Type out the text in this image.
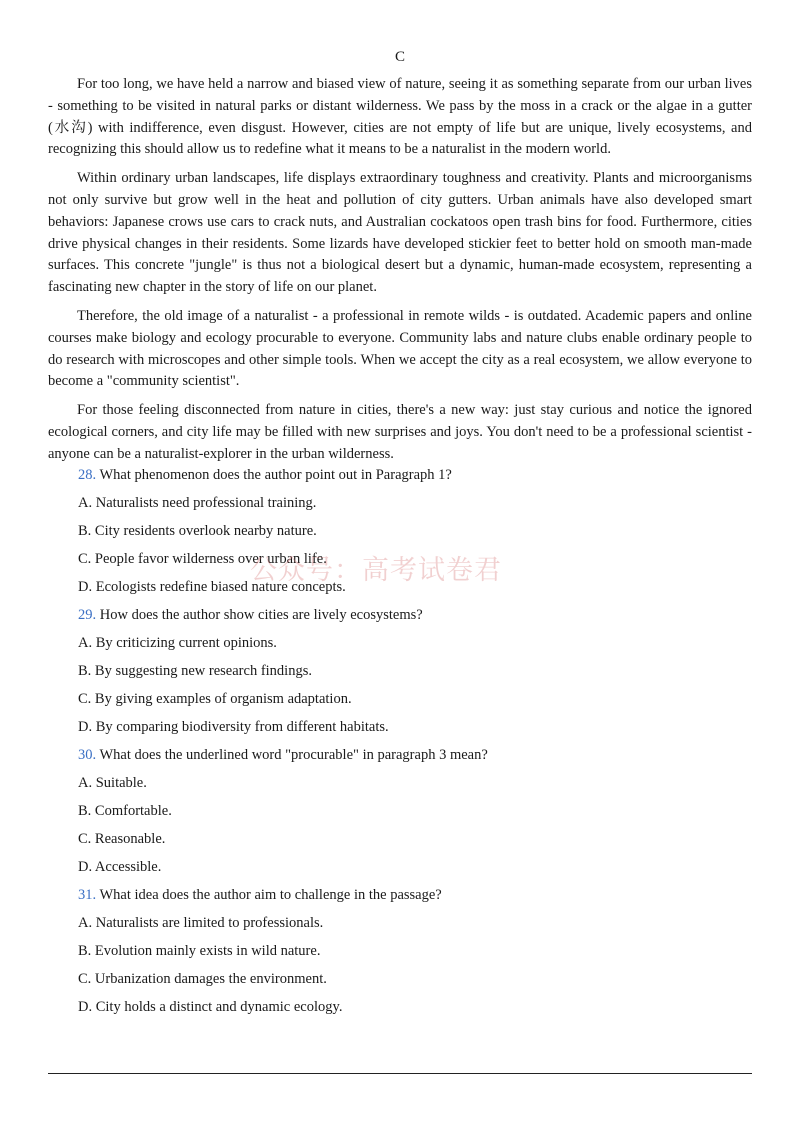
C

For too long, we have held a narrow and biased view of nature, seeing it as something separate from our urban lives - something to be visited in natural parks or distant wilderness. We pass by the moss in a crack or the algae in a gutter (水沟) with indifference, even disgust. However, cities are not empty of life but are unique, lively ecosystems, and recognizing this should allow us to redefine what it means to be a naturalist in the modern world.

Within ordinary urban landscapes, life displays extraordinary toughness and creativity. Plants and microorganisms not only survive but grow well in the heat and pollution of city gutters. Urban animals have also developed smart behaviors: Japanese crows use cars to crack nuts, and Australian cockatoos open trash bins for food. Furthermore, cities drive physical changes in their residents. Some lizards have developed stickier feet to better hold on smooth man-made surfaces. This concrete "jungle" is thus not a biological desert but a dynamic, human-made ecosystem, representing a fascinating new chapter in the story of life on our planet.

Therefore, the old image of a naturalist - a professional in remote wilds - is outdated. Academic papers and online courses make biology and ecology procurable to everyone. Community labs and nature clubs enable ordinary people to do research with microscopes and other simple tools. When we accept the city as a real ecosystem, we allow everyone to become a "community scientist".

For those feeling disconnected from nature in cities, there's a new way: just stay curious and notice the ignored ecological corners, and city life may be filled with new surprises and joys. You don't need to be a professional scientist - anyone can be a naturalist-explorer in the urban wilderness.

28. What phenomenon does the author point out in Paragraph 1?
A. Naturalists need professional training.
B. City residents overlook nearby nature.
C. People favor wilderness over urban life.
D. Ecologists redefine biased nature concepts.
29. How does the author show cities are lively ecosystems?
A. By criticizing current opinions.
B. By suggesting new research findings.
C. By giving examples of organism adaptation.
D. By comparing biodiversity from different habitats.
30. What does the underlined word "procurable" in paragraph 3 mean?
A. Suitable.
B. Comfortable.
C. Reasonable.
D. Accessible.
31. What idea does the author aim to challenge in the passage?
A. Naturalists are limited to professionals.
B. Evolution mainly exists in wild nature.
C. Urbanization damages the environment.
D. City holds a distinct and dynamic ecology.
公众号：高考试卷君
